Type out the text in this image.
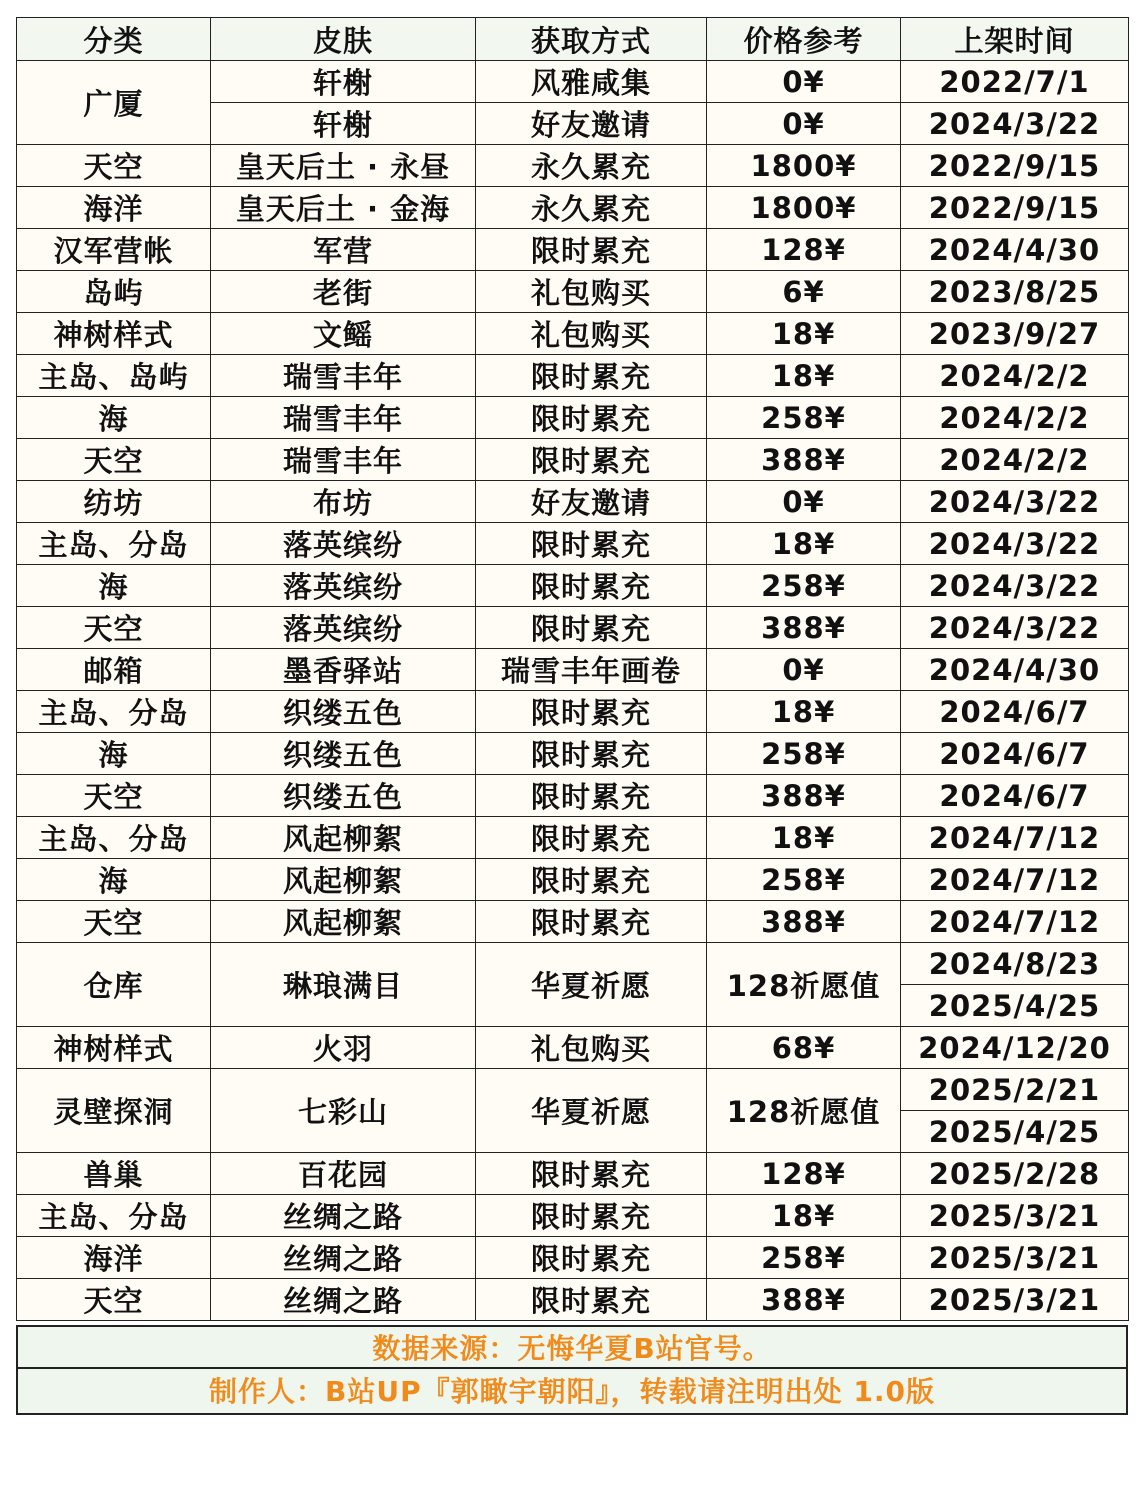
分类	皮肤	获取方式	价格参考	上架时间
广厦	轩榭	风雅咸集	0¥	2022/7/1
	轩榭	好友邀请	0¥	2024/3/22
天空	皇天后土 · 永昼	永久累充	1800¥	2022/9/15
海洋	皇天后土 · 金海	永久累充	1800¥	2022/9/15
汉军营帐	军营	限时累充	128¥	2024/4/30
岛屿	老街	礼包购买	6¥	2023/8/25
神树样式	文鳐	礼包购买	18¥	2023/9/27
主岛、岛屿	瑞雪丰年	限时累充	18¥	2024/2/2
海	瑞雪丰年	限时累充	258¥	2024/2/2
天空	瑞雪丰年	限时累充	388¥	2024/2/2
纺坊	布坊	好友邀请	0¥	2024/3/22
主岛、分岛	落英缤纷	限时累充	18¥	2024/3/22
海	落英缤纷	限时累充	258¥	2024/3/22
天空	落英缤纷	限时累充	388¥	2024/3/22
邮箱	墨香驿站	瑞雪丰年画卷	0¥	2024/4/30
主岛、分岛	织缕五色	限时累充	18¥	2024/6/7
海	织缕五色	限时累充	258¥	2024/6/7
天空	织缕五色	限时累充	388¥	2024/6/7
主岛、分岛	风起柳絮	限时累充	18¥	2024/7/12
海	风起柳絮	限时累充	258¥	2024/7/12
天空	风起柳絮	限时累充	388¥	2024/7/12
仓库	琳琅满目	华夏祈愿	128祈愿值	2024/8/23
				2025/4/25
神树样式	火羽	礼包购买	68¥	2024/12/20
灵壁探洞	七彩山	华夏祈愿	128祈愿值	2025/2/21
				2025/4/25
兽巢	百花园	限时累充	128¥	2025/2/28
主岛、分岛	丝绸之路	限时累充	18¥	2025/3/21
海洋	丝绸之路	限时累充	258¥	2025/3/21
天空	丝绸之路	限时累充	388¥	2025/3/21
数据来源：无悔华夏B站官号。
制作人：B站UP『郭瞰宇朝阳』，转载请注明出处 1.0版
